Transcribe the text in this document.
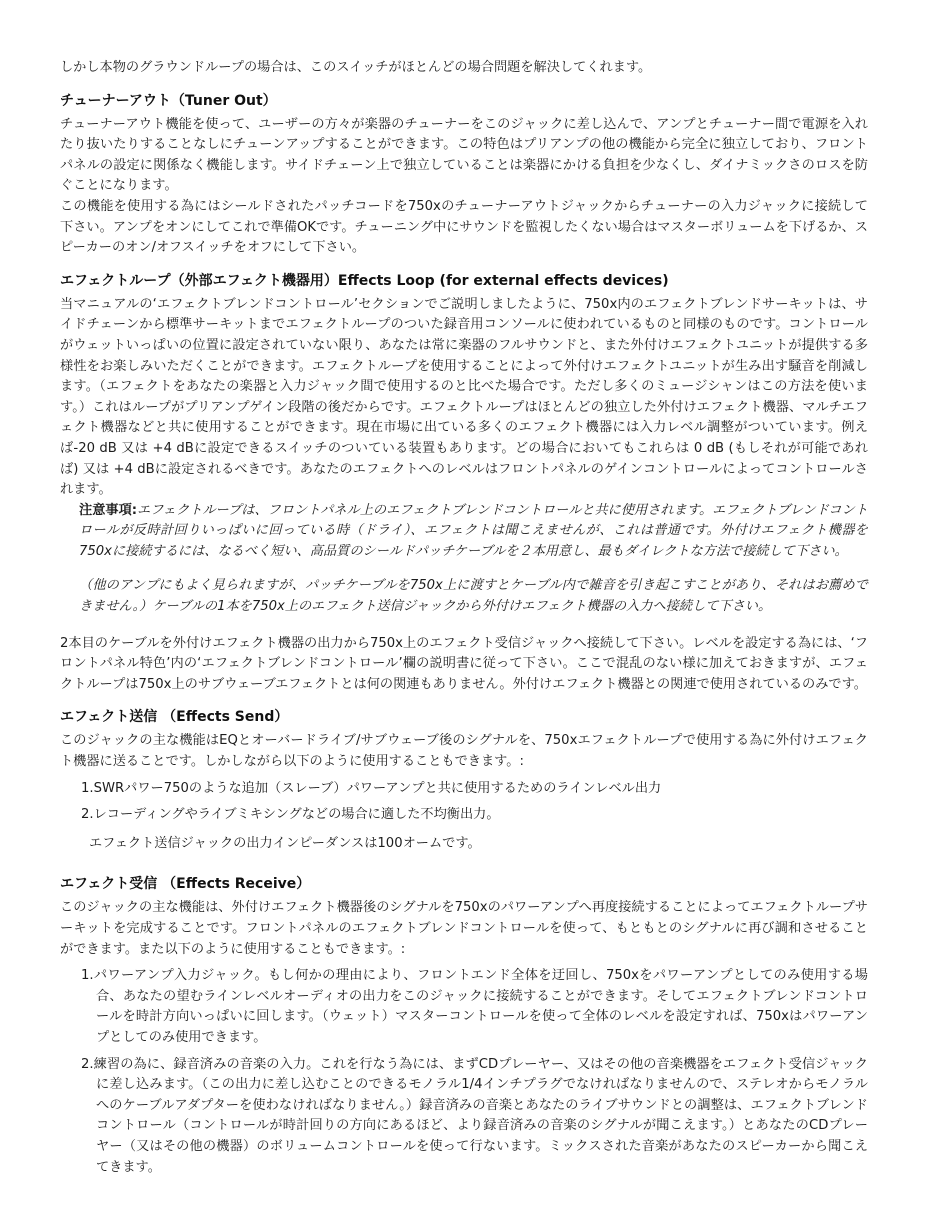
しかし本物のグラウンドループの場合は、このスイッチがほとんどの場合問題を解決してくれます。

チューナーアウト（Tuner Out）

チューナーアウト機能を使って、ユーザーの方々が楽器のチューナーをこのジャックに差し込んで、アンプとチューナー間で電源を入れたり抜いたりすることなしにチューンアップすることができます。この特色はプリアンプの他の機能から完全に独立しており、フロントパネルの設定に関係なく機能します。サイドチェーン上で独立していることは楽器にかける負担を少なくし、ダイナミックさのロスを防ぐことになります。

この機能を使用する為にはシールドされたパッチコードを750xのチューナーアウトジャックからチューナーの入力ジャックに接続して下さい。アンプをオンにしてこれで準備OKです。チューニング中にサウンドを監視したくない場合はマスターボリュームを下げるか、スピーカーのオン/オフスイッチをオフにして下さい。

エフェクトループ（外部エフェクト機器用）Effects Loop (for external effects devices)

当マニュアルの‘エフェクトブレンドコントロール’セクションでご説明しましたように、750x内のエフェクトブレンドサーキットは、サイドチェーンから標準サーキットまでエフェクトループのついた録音用コンソールに使われているものと同様のものです。コントロールがウェットいっぱいの位置に設定されていない限り、あなたは常に楽器のフルサウンドと、また外付けエフェクトユニットが提供する多様性をお楽しみいただくことができます。エフェクトループを使用することによって外付けエフェクトユニットが生み出す騒音を削減します。（エフェクトをあなたの楽器と入力ジャック間で使用するのと比べた場合です。ただし多くのミュージシャンはこの方法を使います。）これはループがプリアンプゲイン段階の後だからです。エフェクトループはほとんどの独立した外付けエフェクト機器、マルチエフェクト機器などと共に使用することができます。現在市場に出ている多くのエフェクト機器には入力レベル調整がついています。例えば-20 dB 又は +4 dBに設定できるスイッチのついている装置もあります。どの場合においてもこれらは 0 dB (もしそれが可能であれば) 又は +4 dBに設定されるべきです。あなたのエフェクトへのレベルはフロントパネルのゲインコントロールによってコントロールされます。

注意事項:エフェクトループは、フロントパネル上のエフェクトブレンドコントロールと共に使用されます。エフェクトブレンドコントロールが反時計回りいっぱいに回っている時（ドライ）、エフェクトは聞こえませんが、これは普通です。外付けエフェクト機器を750xに接続するには、なるべく短い、高品質のシールドパッチケーブルを２本用意し、最もダイレクトな方法で接続して下さい。

（他のアンプにもよく見られますが、パッチケーブルを750x上に渡すとケーブル内で雑音を引き起こすことがあり、それはお薦めできません。）ケーブルの1本を750x上のエフェクト送信ジャックから外付けエフェクト機器の入力へ接続して下さい。

2本目のケーブルを外付けエフェクト機器の出力から750x上のエフェクト受信ジャックへ接続して下さい。レベルを設定する為には、‘フロントパネル特色’内の‘エフェクトブレンドコントロール’欄の説明書に従って下さい。ここで混乱のない様に加えておきますが、エフェクトループは750x上のサブウェーブエフェクトとは何の関連もありません。外付けエフェクト機器との関連で使用されているのみです。

エフェクト送信 （Effects Send）

このジャックの主な機能はEQとオーバードライブ/サブウェーブ後のシグナルを、750xエフェクトループで使用する為に外付けエフェクト機器に送ることです。しかしながら以下のように使用することもできます。:

1.SWRパワー750のような追加（スレーブ）パワーアンプと共に使用するためのラインレベル出力
2.レコーディングやライブミキシングなどの場合に適した不均衡出力。

エフェクト送信ジャックの出力インピーダンスは100オームです。

エフェクト受信 （Effects Receive）

このジャックの主な機能は、外付けエフェクト機器後のシグナルを750xのパワーアンプへ再度接続することによってエフェクトループサーキットを完成することです。フロントパネルのエフェクトブレンドコントロールを使って、もともとのシグナルに再び調和させることができます。また以下のように使用することもできます。:

1.パワーアンプ入力ジャック。もし何かの理由により、フロントエンド全体を迂回し、750xをパワーアンプとしてのみ使用する場合、あなたの望むラインレベルオーディオの出力をこのジャックに接続することができます。そしてエフェクトブレンドコントロールを時計方向いっぱいに回します。（ウェット）マスターコントロールを使って全体のレベルを設定すれば、750xはパワーアンプとしてのみ使用できます。
2.練習の為に、録音済みの音楽の入力。これを行なう為には、まずCDプレーヤー、又はその他の音楽機器をエフェクト受信ジャックに差し込みます。（この出力に差し込むことのできるモノラル1/4インチプラグでなければなりませんので、ステレオからモノラルへのケーブルアダプターを使わなければなりません。）録音済みの音楽とあなたのライブサウンドとの調整は、エフェクトブレンドコントロール（コントロールが時計回りの方向にあるほど、より録音済みの音楽のシグナルが聞こえます。）とあなたのCDプレーヤー（又はその他の機器）のボリュームコントロールを使って行ないます。ミックスされた音楽があなたのスピーカーから聞こえてきます。
